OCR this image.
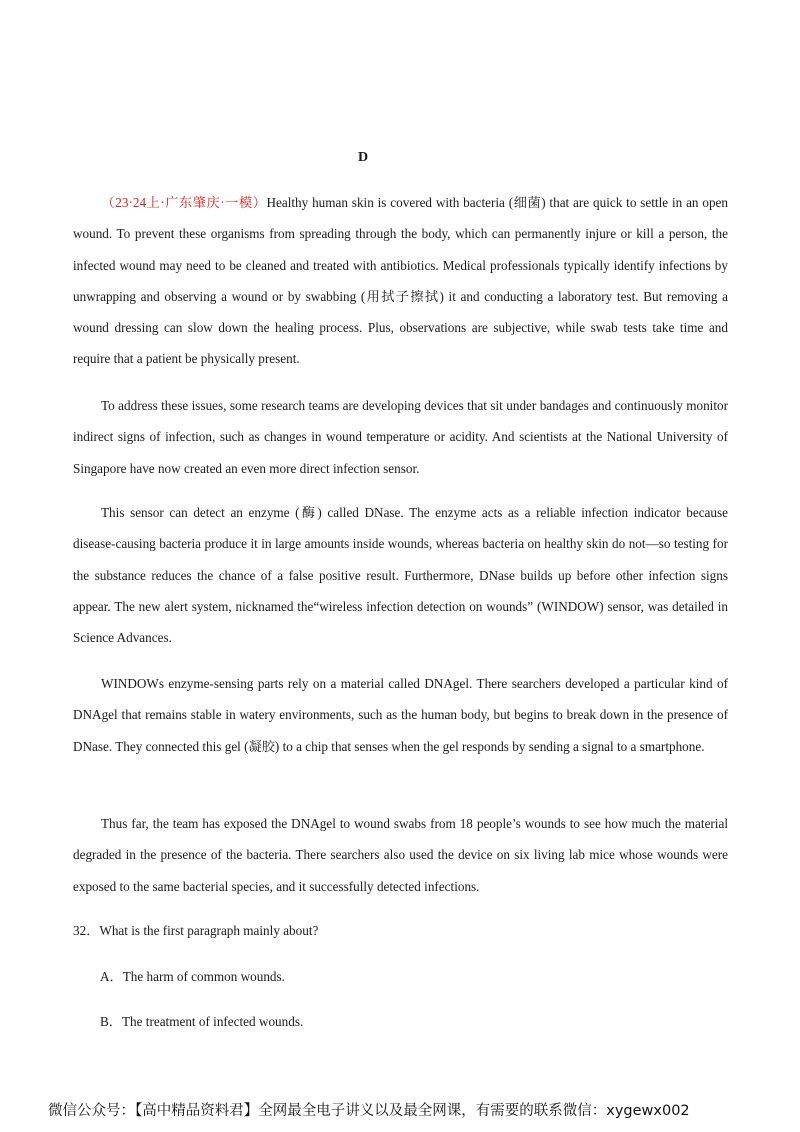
D

（23·24上·广东肇庆·一模）Healthy human skin is covered with bacteria (细菌) that are quick to settle in an open wound. To prevent these organisms from spreading through the body, which can permanently injure or kill a person, the infected wound may need to be cleaned and treated with antibiotics. Medical professionals typically identify infections by unwrapping and observing a wound or by swabbing (用拭子擦拭) it and conducting a laboratory test. But removing a wound dressing can slow down the healing process. Plus, observations are subjective, while swab tests take time and require that a patient be physically present.

To address these issues, some research teams are developing devices that sit under bandages and continuously monitor indirect signs of infection, such as changes in wound temperature or acidity. And scientists at the National University of Singapore have now created an even more direct infection sensor.

This sensor can detect an enzyme (酶) called DNase. The enzyme acts as a reliable infection indicator because disease-causing bacteria produce it in large amounts inside wounds, whereas bacteria on healthy skin do not—so testing for the substance reduces the chance of a false positive result. Furthermore, DNase builds up before other infection signs appear. The new alert system, nicknamed the“wireless infection detection on wounds” (WINDOW) sensor, was detailed in Science Advances.

WINDOWs enzyme-sensing parts rely on a material called DNAgel. There searchers developed a particular kind of DNAgel that remains stable in watery environments, such as the human body, but begins to break down in the presence of DNase. They connected this gel (凝胶) to a chip that senses when the gel responds by sending a signal to a smartphone.

Thus far, the team has exposed the DNAgel to wound swabs from 18 people’s wounds to see how much the material degraded in the presence of the bacteria. There searchers also used the device on six living lab mice whose wounds were exposed to the same bacterial species, and it successfully detected infections.

32．What is the first paragraph mainly about?

A．The harm of common wounds.

B．The treatment of infected wounds.

微信公众号：【高中精品资料君】全网最全电子讲义以及最全网课，有需要的联系微信：xygewx002
